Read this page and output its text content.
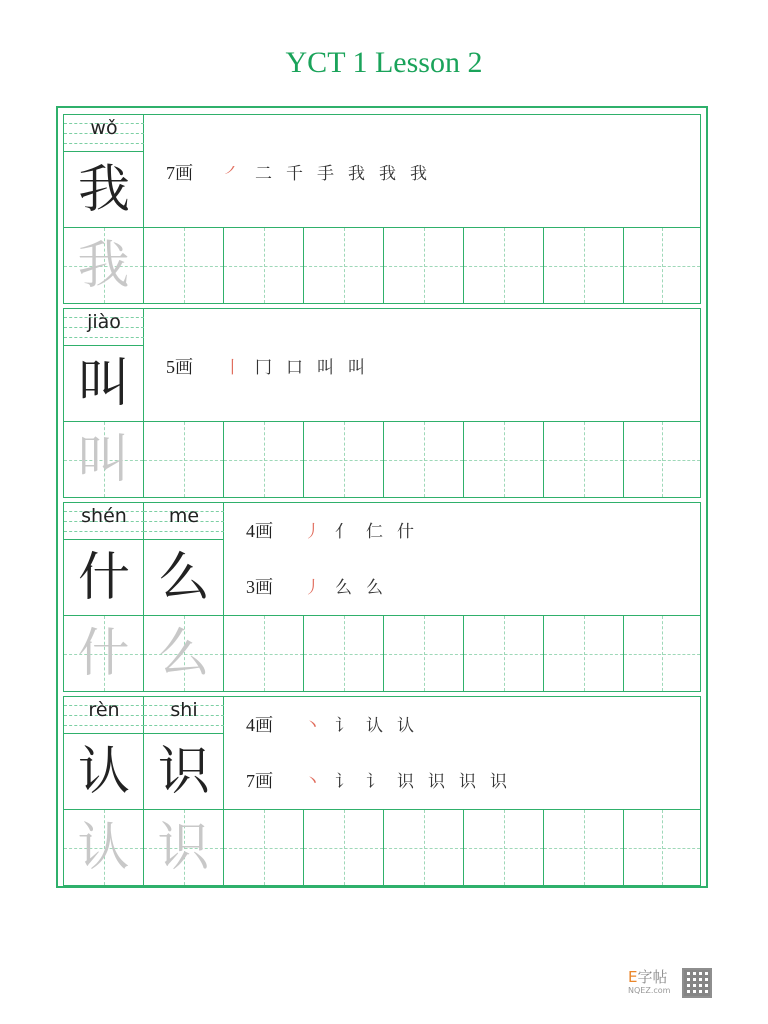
YCT 1 Lesson 2
wǒ
我	7画 ㇒ 二 千 手 我 我 我
我
jiào
叫	5画 丨 冂 口 叫 叫
叫
shén
什
me
么
4画 丿 亻 仁 什
3画 丿 么 么
什 么
rèn
认
shi
识
4画 丶 讠 认 认
7画 丶 讠 讠 识 识 识 识
认 识
E字帖
NQEZ.com
